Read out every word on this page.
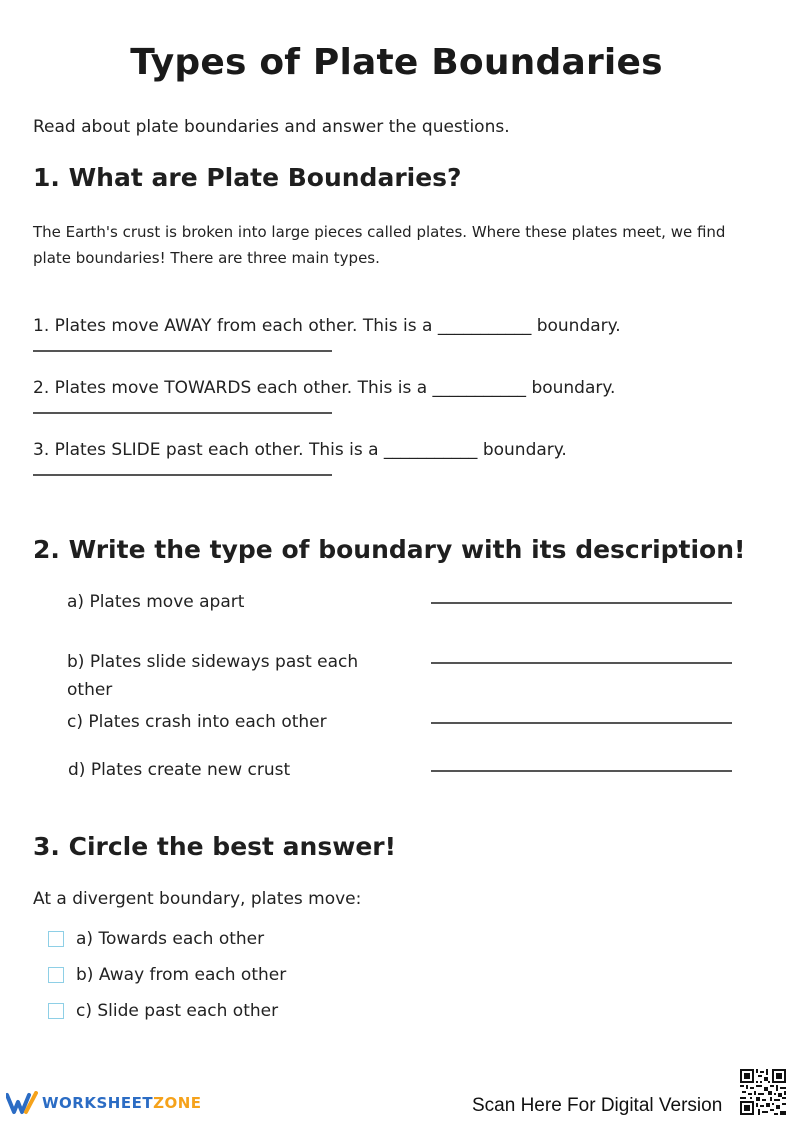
Types of Plate Boundaries
Read about plate boundaries and answer the questions.
1. What are Plate Boundaries?
The Earth's crust is broken into large pieces called plates. Where these plates meet, we find plate boundaries! There are three main types.
1. Plates move AWAY from each other. This is a ___________ boundary.
2. Plates move TOWARDS each other. This is a ___________ boundary.
3. Plates SLIDE past each other. This is a ___________ boundary.
2. Write the type of boundary with its description!
a) Plates move apart
b) Plates slide sideways past each other
c) Plates crash into each other
d) Plates create new crust
3. Circle the best answer!
At a divergent boundary, plates move:
a) Towards each other
b) Away from each other
c) Slide past each other
WORKSHEETZONE	Scan Here For Digital Version
